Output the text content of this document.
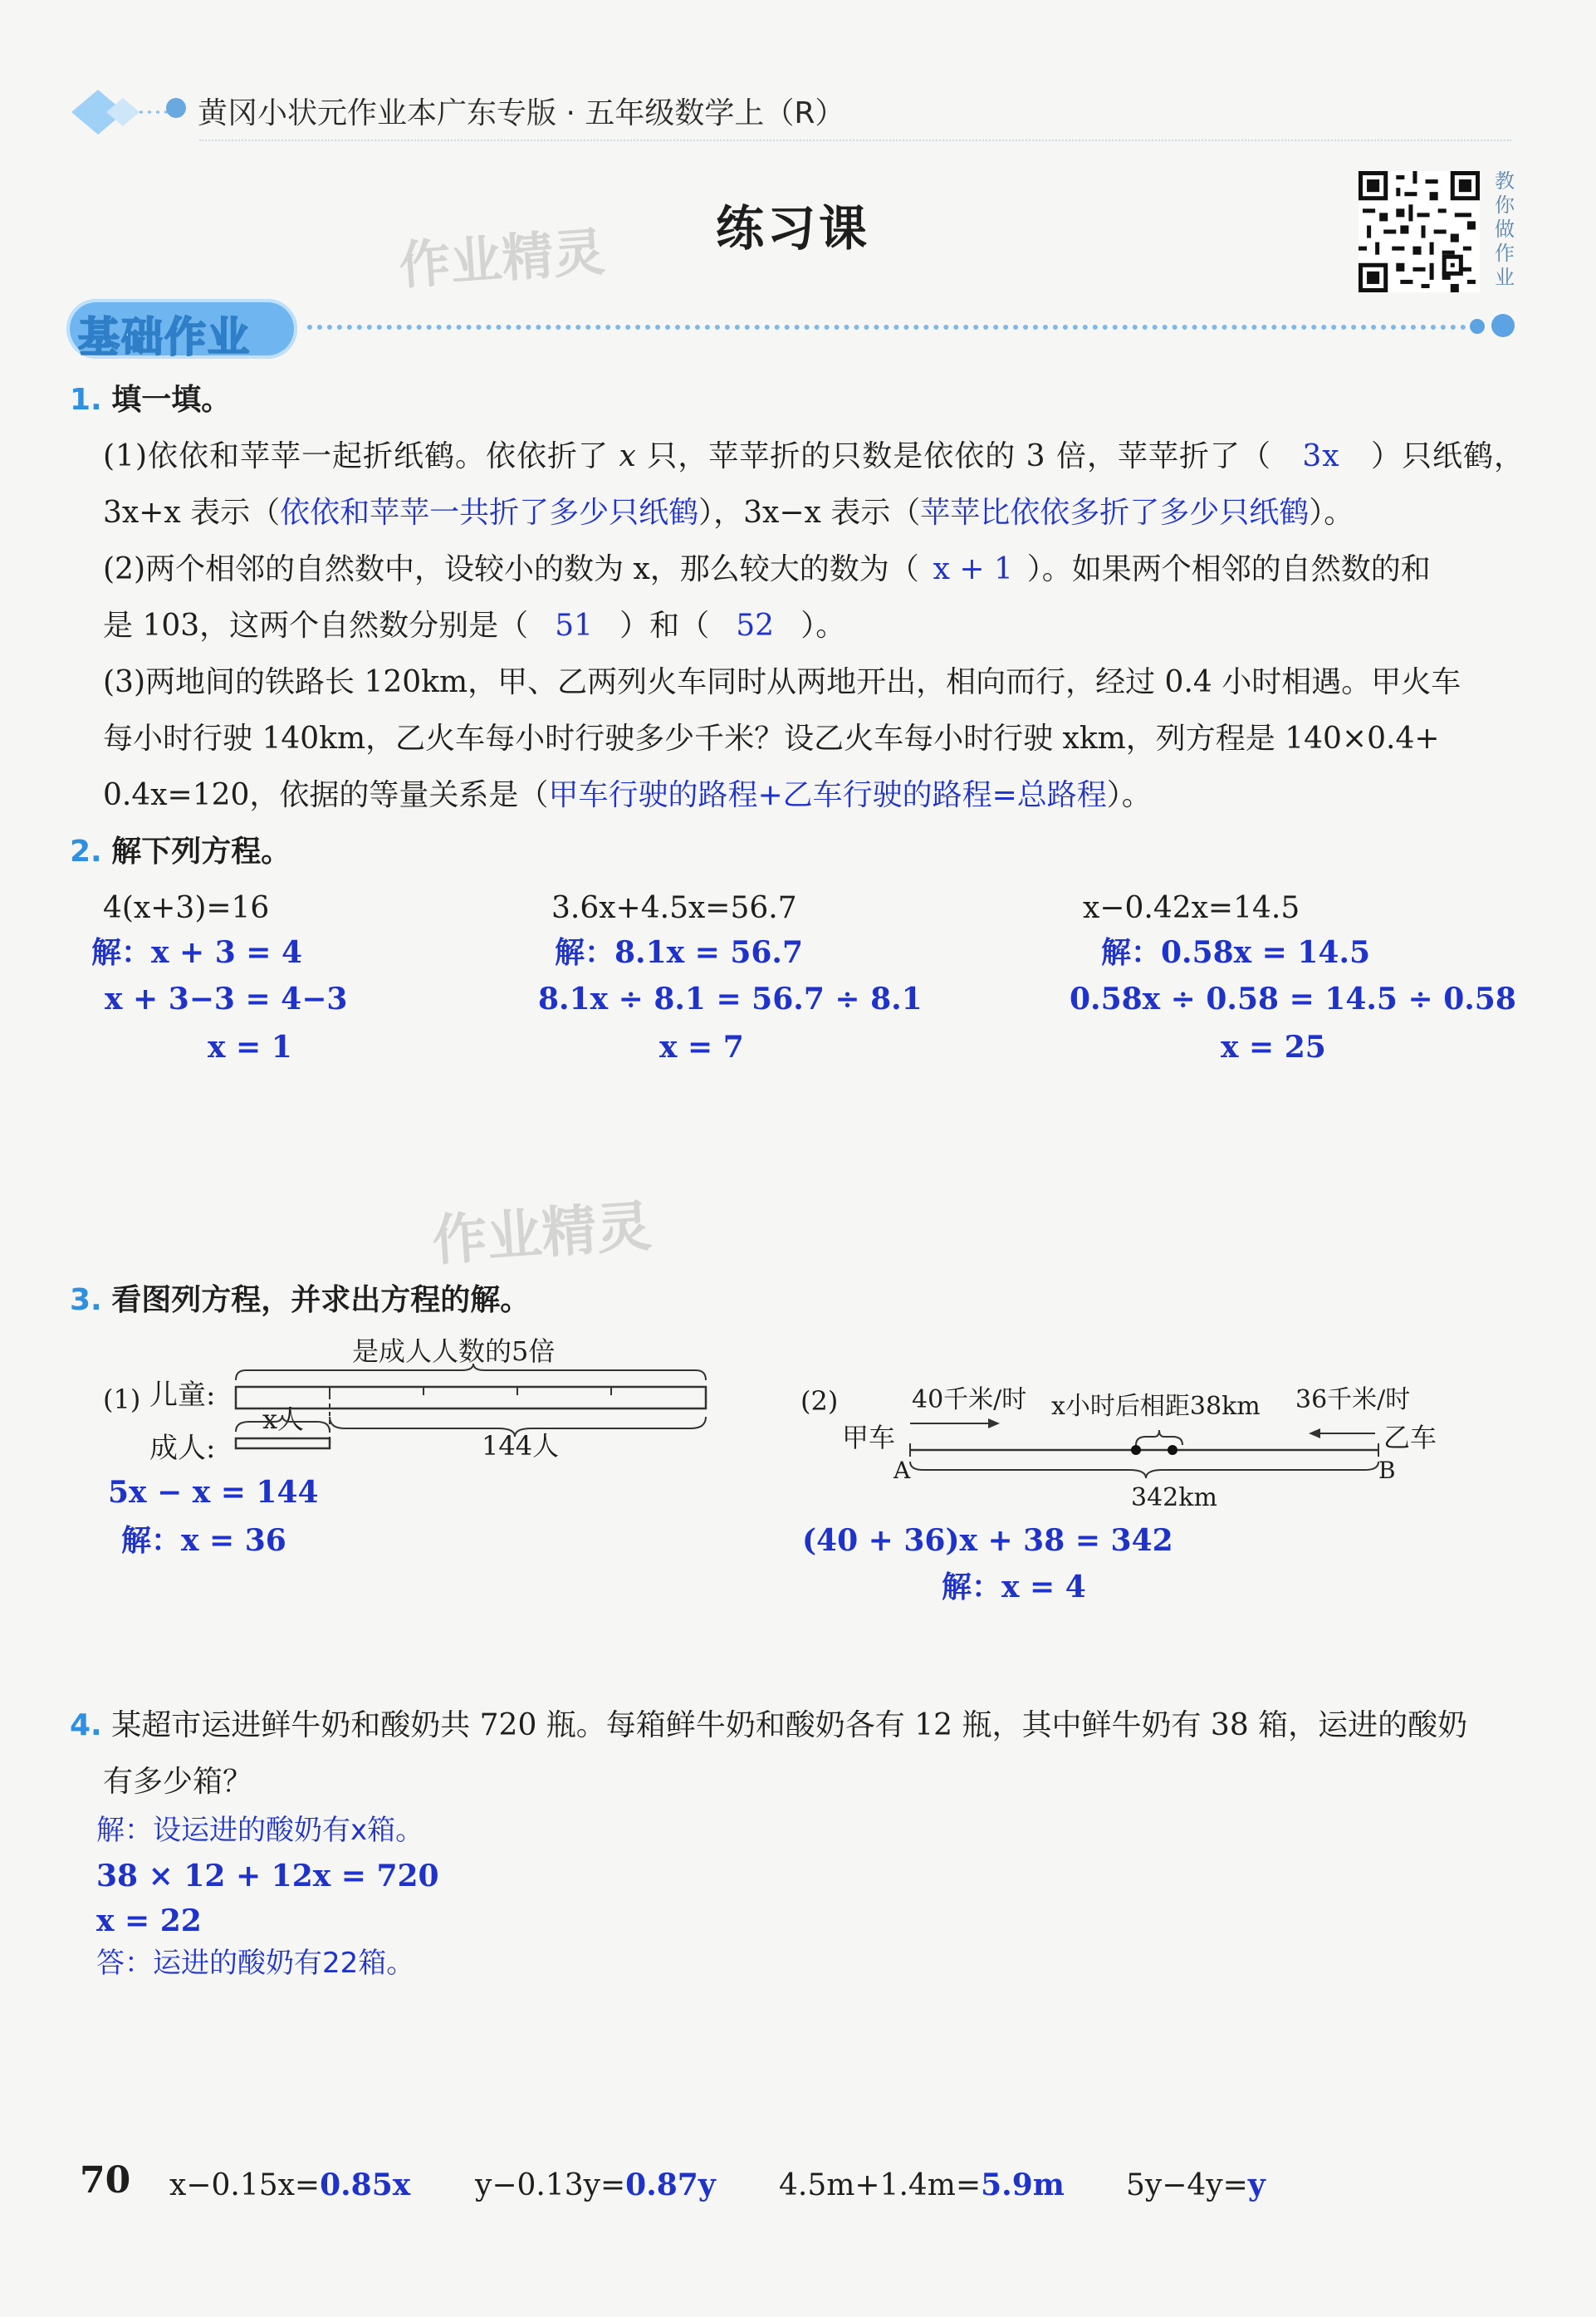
黄冈小状元作业本广东专版 · 五年级数学上（R）
练习课
作业精灵
教
你
做
作
业
基础作业
1. 填一填。
(1)依依和苹苹一起折纸鹤。依依折了 x 只，苹苹折的只数是依依的 3 倍，苹苹折了（ 3x ）只纸鹤，
3x+x 表示（依依和苹苹一共折了多少只纸鹤），3x−x 表示（苹苹比依依多折了多少只纸鹤）。
(2)两个相邻的自然数中，设较小的数为 x，那么较大的数为（ x + 1 ）。如果两个相邻的自然数的和
是 103，这两个自然数分别是（ 51 ）和（ 52 ）。
(3)两地间的铁路长 120km，甲、乙两列火车同时从两地开出，相向而行，经过 0.4 小时相遇。甲火车
每小时行驶 140km，乙火车每小时行驶多少千米？设乙火车每小时行驶 xkm，列方程是 140×0.4+
0.4x=120，依据的等量关系是（甲车行驶的路程+乙车行驶的路程=总路程）。
2. 解下列方程。
4(x+3)=16
解：x + 3 = 4
x + 3−3 = 4−3
x = 1
3.6x+4.5x=56.7
解：8.1x = 56.7
8.1x ÷ 8.1 = 56.7 ÷ 8.1
x = 7
x−0.42x=14.5
解：0.58x = 14.5
0.58x ÷ 0.58 = 14.5 ÷ 0.58
x = 25
作业精灵
3. 看图列方程，并求出方程的解。
(1) 儿童:
成人:
是成人人数的5倍
x人
144人
5x − x = 144
解：x = 36
(2)	40千米/时 x小时后相距38km 36千米/时
甲车	乙车
A	B
342km
(40 + 36)x + 38 = 342
解：x = 4
4. 某超市运进鲜牛奶和酸奶共 720 瓶。每箱鲜牛奶和酸奶各有 12 瓶，其中鲜牛奶有 38 箱，运进的酸奶
有多少箱？
解：设运进的酸奶有x箱。
38 × 12 + 12x = 720
x = 22
答：运进的酸奶有22箱。
70 x−0.15x=0.85x y−0.13y=0.87y 4.5m+1.4m=5.9m 5y−4y=y
